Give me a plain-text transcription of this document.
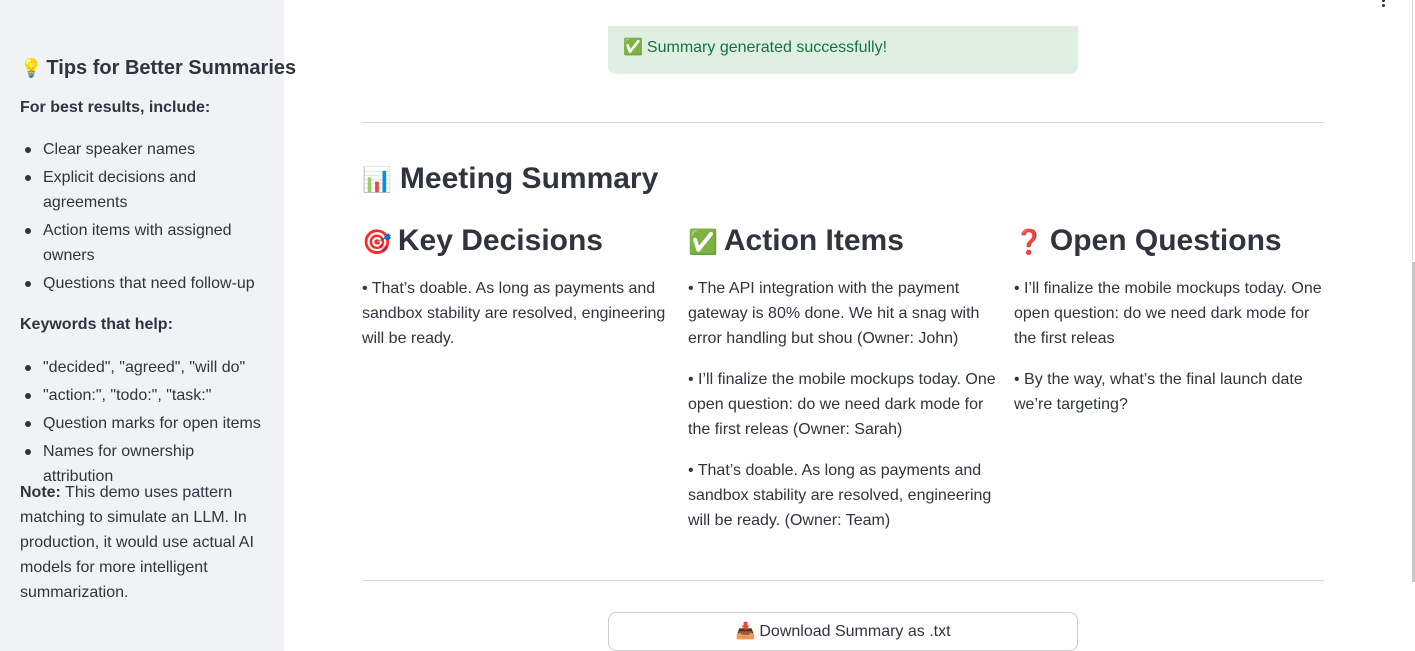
💡 Tips for Better Summaries
For best results, include:
Clear speaker names
Explicit decisions and agreements
Action items with assigned owners
Questions that need follow-up
Keywords that help:
"decided", "agreed", "will do"
"action:", "todo:", "task:"
Question marks for open items
Names for ownership attribution
Note: This demo uses pattern matching to simulate an LLM. In production, it would use actual AI models for more intelligent summarization.
✅ Summary generated successfully!
📊 Meeting Summary
🎯 Key Decisions

• That’s doable. As long as payments and sandbox stability are resolved, engineering will be ready.

✅ Action Items

• The API integration with the payment gateway is 80% done. We hit a snag with error handling but shou (Owner: John)

• I’ll finalize the mobile mockups today. One open question: do we need dark mode for the first releas (Owner: Sarah)

• That’s doable. As long as payments and sandbox stability are resolved, engineering will be ready. (Owner: Team)

❓ Open Questions

• I’ll finalize the mobile mockups today. One open question: do we need dark mode for the first releas

• By the way, what’s the final launch date we’re targeting?

📥 Download Summary as .txt
